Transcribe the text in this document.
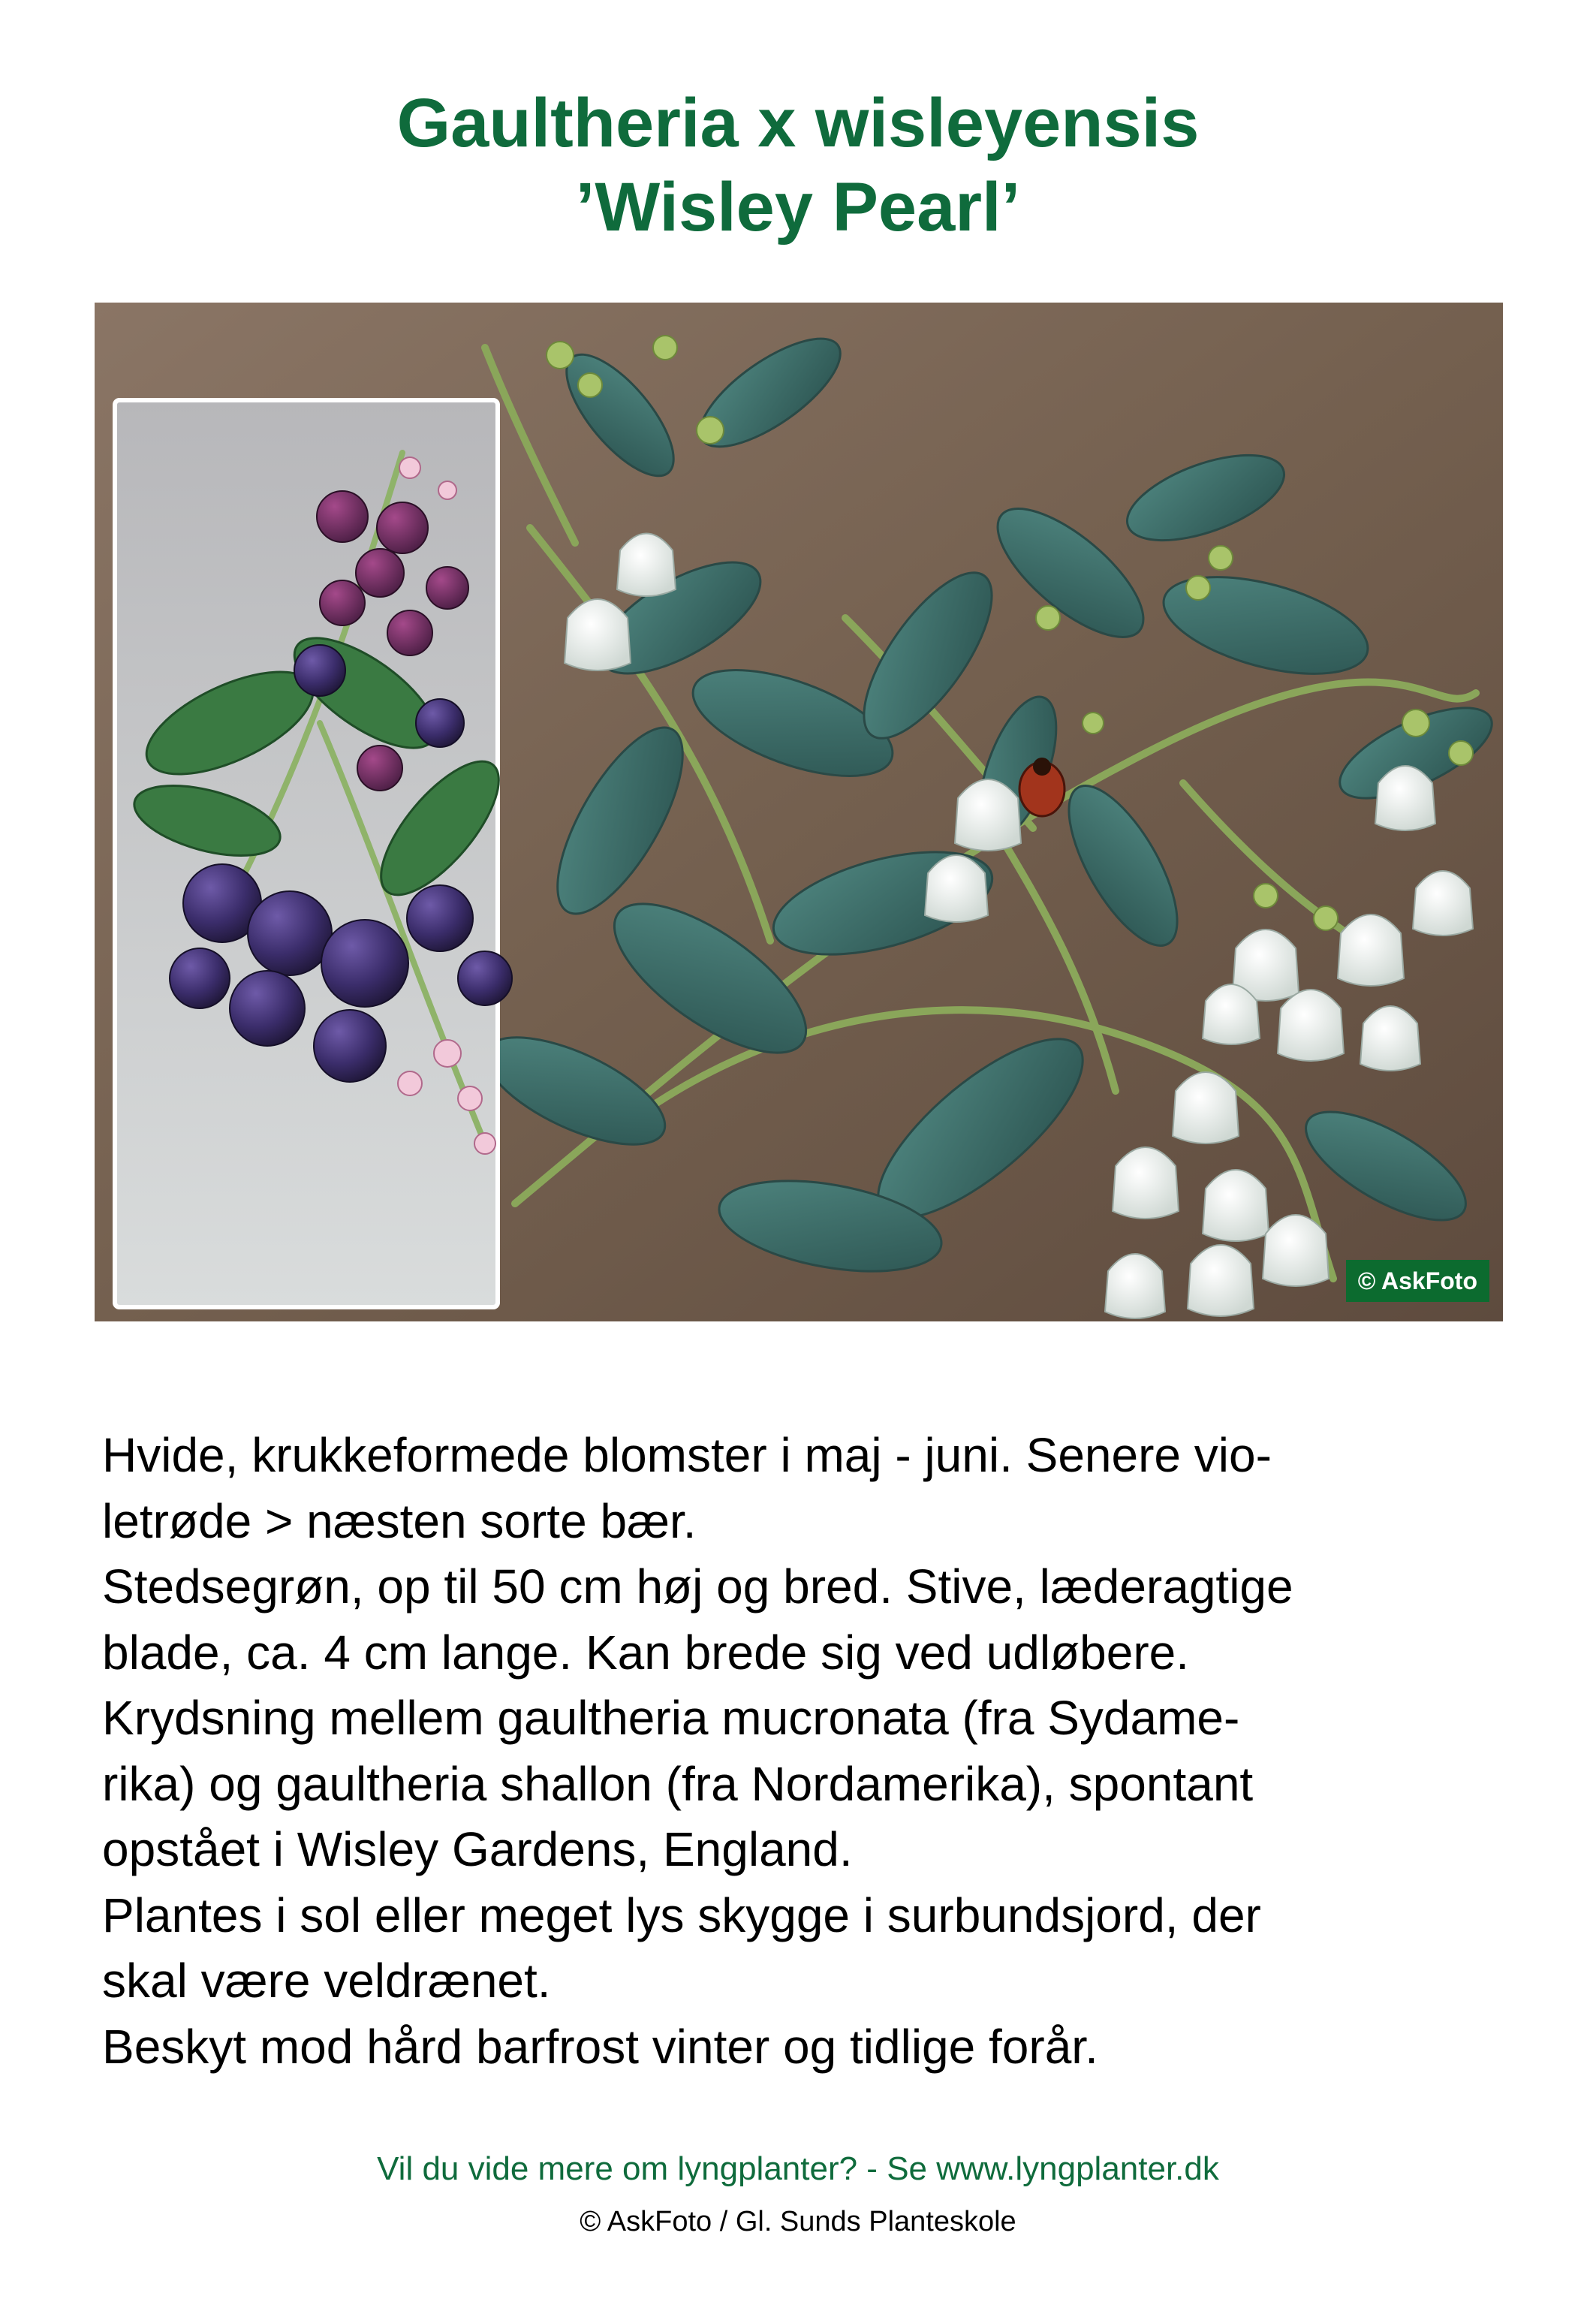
Gaultheria x wisleyensis
’Wisley Pearl’
© AskFoto
Hvide, krukkeformede blomster i maj - juni. Senere vio-
letrøde > næsten sorte bær.
Stedsegrøn, op til 50 cm høj og bred. Stive, læderagtige
blade, ca. 4 cm lange. Kan brede sig ved udløbere.
Krydsning mellem gaultheria mucronata (fra Sydame-
rika) og gaultheria shallon (fra Nordamerika), spontant
opstået i Wisley Gardens, England.
Plantes i sol eller meget lys skygge i surbundsjord, der
skal være veldrænet.
Beskyt mod hård barfrost vinter og tidlige forår.
Vil du vide mere om lyngplanter? - Se www.lyngplanter.dk
© AskFoto / Gl. Sunds Planteskole
